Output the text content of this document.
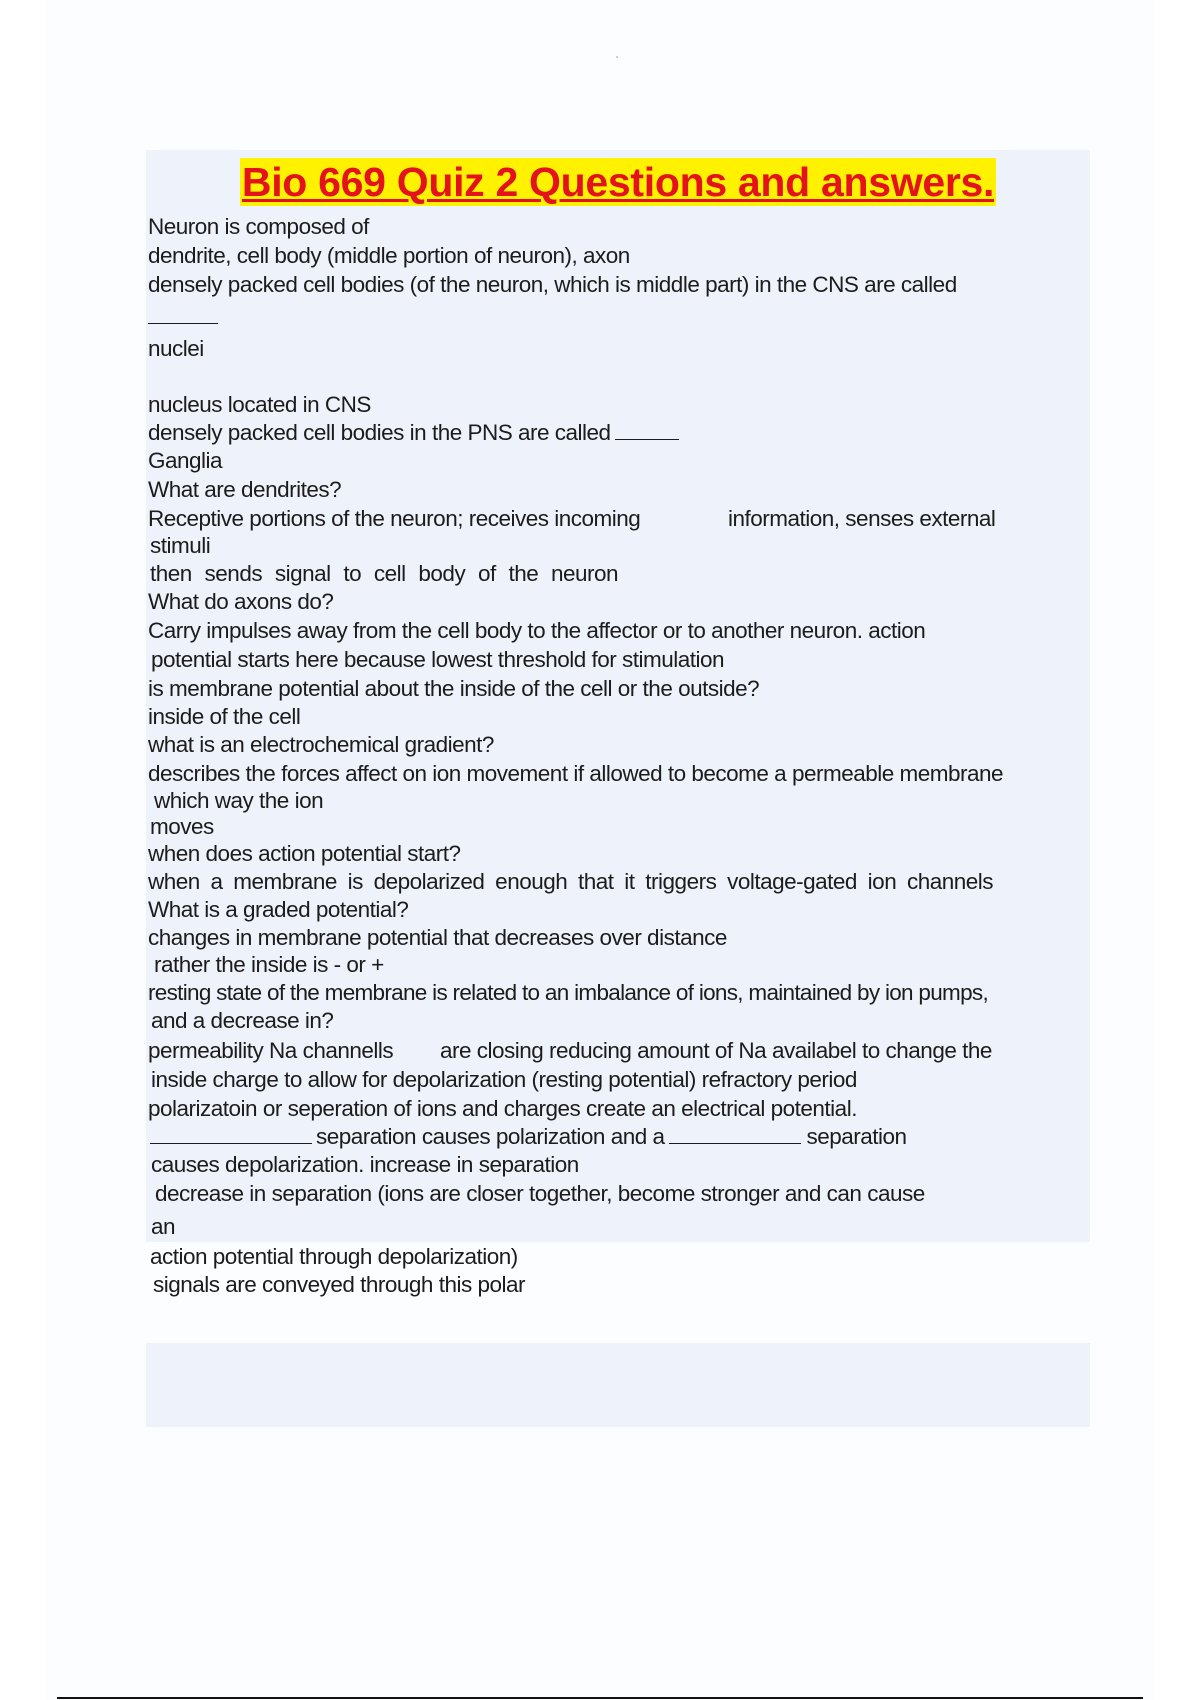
Bio 669 Quiz 2 Questions and answers.
Neuron is composed of
dendrite, cell body (middle portion of neuron), axon
densely packed cell bodies (of the neuron, which is middle part) in the CNS are called
nuclei
nucleus located in CNS
densely packed cell bodies in the PNS are called
Ganglia
What are dendrites?
Receptive portions of the neuron; receives incoming	information, senses external
stimuli
then sends signal to cell body of the neuron
What do axons do?
Carry impulses away from the cell body to the affector or to another neuron. action
potential starts here because lowest threshold for stimulation
is membrane potential about the inside of the cell or the outside?
inside of the cell
what is an electrochemical gradient?
describes the forces affect on ion movement if allowed to become a permeable membrane
which way the ion
moves
when does action potential start?
when a membrane is depolarized enough that it triggers voltage-gated ion channels
What is a graded potential?
changes in membrane potential that decreases over distance
rather the inside is - or +
resting state of the membrane is related to an imbalance of ions, maintained by ion pumps,
and a decrease in?
permeability Na channells are closing reducing amount of Na availabel to change the
inside charge to allow for depolarization (resting potential) refractory period
polarizatoin or seperation of ions and charges create an electrical potential.
separation causes polarization and a	separation
causes depolarization. increase in separation
decrease in separation (ions are closer together, become stronger and can cause
an
action potential through depolarization)
signals are conveyed through this polar
